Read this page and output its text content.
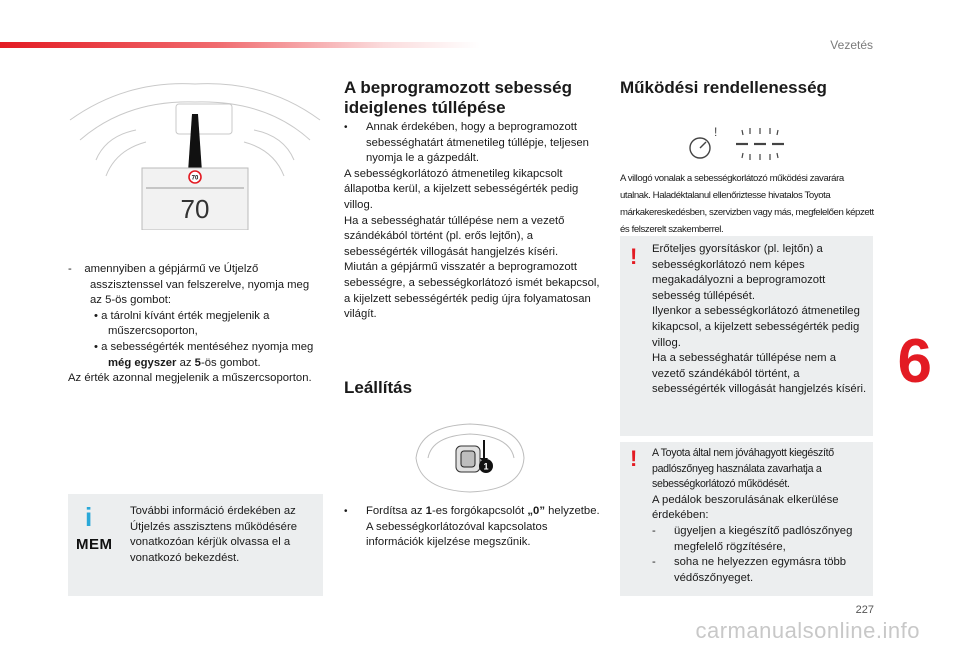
Vezetés
6
227
carmanualsonline.info
70
70

-    amennyiben a gépjármű ve Útjelző asszisztenssel van felszerelve, nyomja meg az 5-ös gombot:

• a tárolni kívánt érték megjelenik a műszercsoporton,

• a sebességérték mentéséhez nyomja meg még egyszer az 5-ös gombot.

Az érték azonnal megjelenik a műszercsoporton.

i
MEM
További információ érdekében az Útjelzés asszisztens működésére vonatkozóan kérjük olvassa el a vonatkozó bekezdést.
A beprogramozott sebesség ideiglenes túllépése

• Annak érdekében, hogy a beprogramozott sebességhatárt átmenetileg túllépje, teljesen nyomja le a gázpedált.

A sebességkorlátozó átmenetileg kikapcsolt állapotba kerül, a kijelzett sebességérték pedig villog.

Ha a sebességhatár túllépése nem a vezető szándékából történt (pl. erős lejtőn), a sebességérték villogását hangjelzés kíséri.

Miután a gépjármű visszatér a beprogramozott sebességre, a sebességkorlátozó ismét bekapcsol, a kijelzett sebességérték pedig újra folyamatosan világít.

Leállítás
1

• Fordítsa az 1-es forgókapcsolót „0” helyzetbe.
A sebességkorlátozóval kapcsolatos információk kijelzése megszűnik.

Működési rendellenesség
!
A villogó vonalak a sebességkorlátozó működési zavarára utalnak. Haladéktalanul ellenőriztesse hivatalos Toyota márkakereskedésben, szervizben vagy más, megfelelően képzett és felszerelt szakemberrel.
! Erőteljes gyorsításkor (pl. lejtőn) a sebességkorlátozó nem képes megakadályozni a beprogramozott sebesség túllépését.
Ilyenkor a sebességkorlátozó átmenetileg kikapcsol, a kijelzett sebességérték pedig villog.
Ha a sebességhatár túllépése nem a vezető szándékából történt, a sebességérték villogását hangjelzés kíséri.
! A Toyota által nem jóváhagyott kiegészítő padlószőnyeg használata zavarhatja a sebességkorlátozó működését.
A pedálok beszorulásának elkerülése érdekében:
- ügyeljen a kiegészítő padlószőnyeg megfelelő rögzítésére,
- soha ne helyezzen egymásra több védőszőnyeget.
